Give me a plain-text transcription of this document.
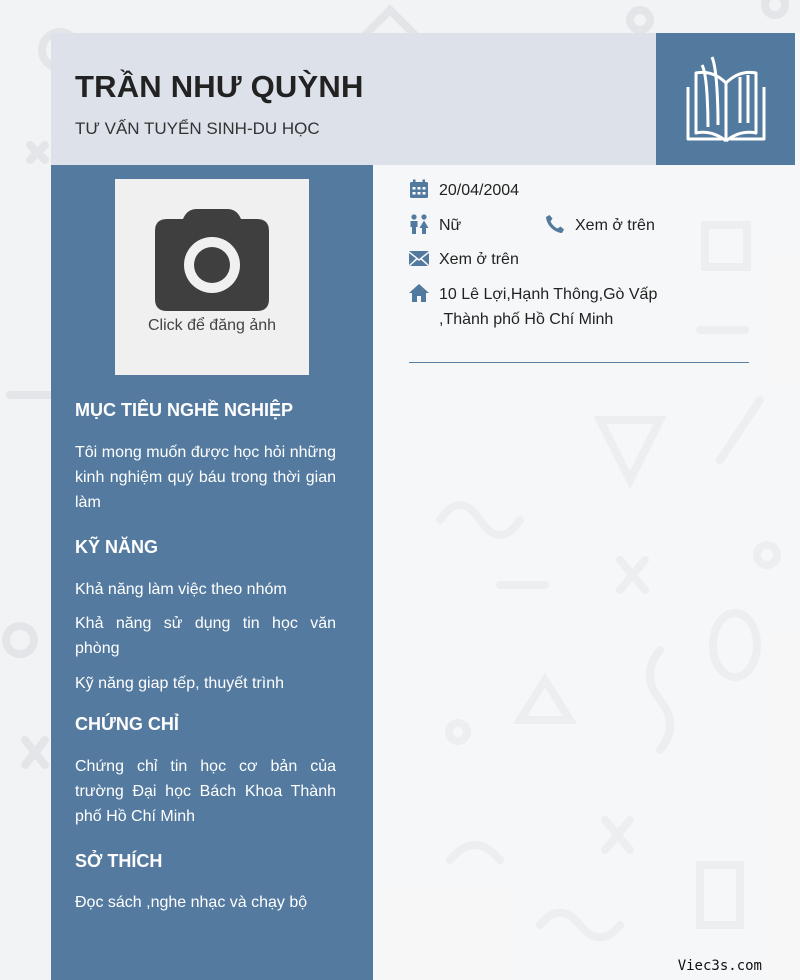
TRẦN NHƯ QUỲNH
TƯ VẤN TUYỂN SINH-DU HỌC
Click để đăng ảnh
MỤC TIÊU NGHỀ NGHIỆP
Tôi mong muốn được học hỏi những kinh nghiệm quý báu trong thời gian làm
KỸ NĂNG
Khả năng làm việc theo nhóm
Khả năng sử dụng tin học văn phòng
Kỹ năng giap tếp, thuyết trình
CHỨNG CHỈ
Chứng chỉ tin học cơ bản của trường Đại học Bách Khoa Thành phố Hồ Chí Minh
SỞ THÍCH
Đọc sách ,nghe nhạc và chạy bộ
20/04/2004
Nữ	Xem ở trên
Xem ở trên
10 Lê Lợi,Hạnh Thông,Gò Vấp
,Thành phố Hồ Chí Minh
Viec3s.com
